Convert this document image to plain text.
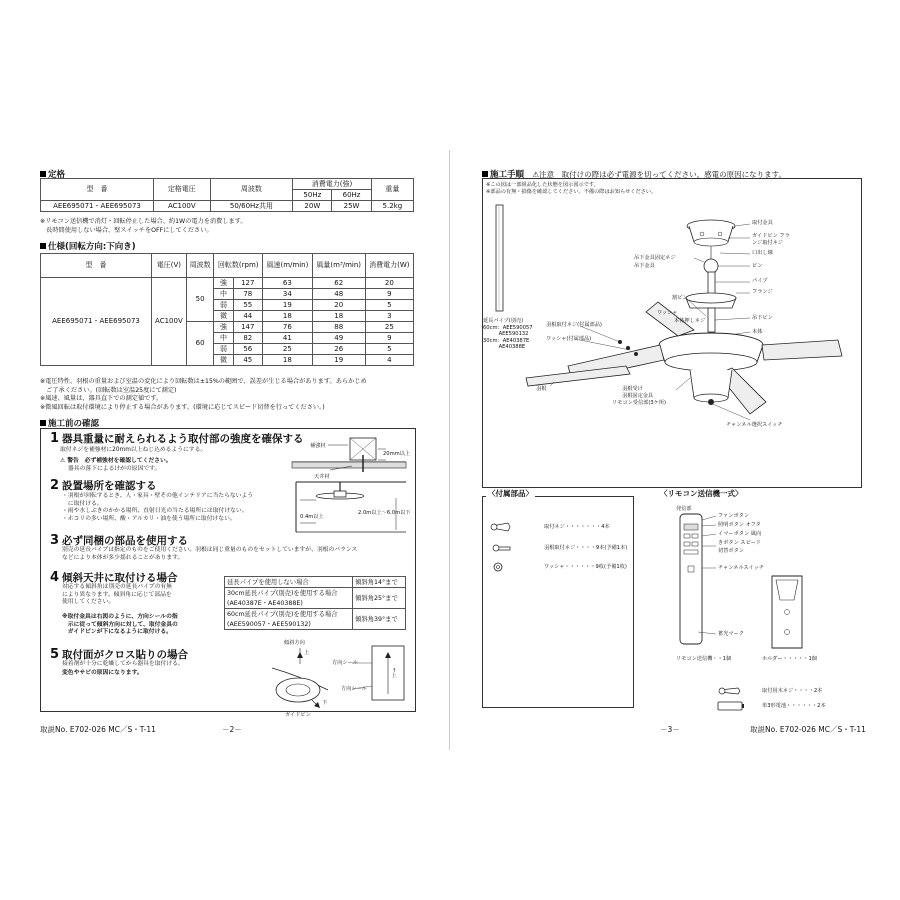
定格
型　番	定格電圧	周波数	消費電力(強)		重量
			50Hz	60Hz	
AEE695071・AEE695073	AC100V	50/60Hz共用	20W	25W	5.2kg
※リモコン送信機で消灯・回転停止した場合、約1Wの電力を消費します。
　長時間使用しない場合、壁スイッチをOFFにしてください。
仕様(回転方向:下向き)
型　番	電圧(V)	周波数	回転数(rpm)		風速(m/min)	風量(m³/min)	消費電力(W)
AEE695071・AEE695073	AC100V	50	強	127	63	62	20
			中	78	34	48	9
			弱	55	19	20	5
			微	44	18	18	3
		60	強	147	76	88	25
			中	82	41	49	9
			弱	56	25	26	5
			微	45	18	19	4
※電圧特性、羽根の重量および室温の変化により回転数は±15%の範囲で、誤差が生じる場合があります。あらかじめ
　ご了承ください。(回転数は室温25度にて測定)
※風速、風量は、器具直下での測定値です。
※微風回転は取付環境により停止する場合があります。(環境に応じてスピード切替を行ってください。)
施工前の確認
1 器具重量に耐えられるよう取付部の強度を確保する
取付ネジを補強材に20mm以上ねじ込めるようにする。
⚠ 警告　必ず補強材を確認してください。
器具の落下によるけがの原因です。
補強材
20mm以上
天井材
2 設置場所を確認する
・羽根が回転するとき、人・家具・壁その他インテリアに当たらないよう
　に取付ける。
・雨や水しぶきのかかる場所、直射日光の当たる場所には取付けない。
・ホコリの多い場所、酸・アルカリ・油を使う場所に取付けない。	0.4m以上
2.0m以上〜6.0m以下
3 必ず同梱の部品を使用する
別売の延長パイプは指定のものをご使用ください。羽根は同じ重量のものをセットしていますが、羽根のバランス
などにより本体が多少揺れることがあります。
4 傾斜天井に取付ける場合
対応する傾斜角は別売の延長パイプの有無
により異なります。傾斜角に応じて部品を
使用してください。
※取付金具は右図のように、方向シールの指
　示に従って傾斜方向に対して、取付金具の
　ガイドピンが下になるように取付ける。
延長パイプを使用しない場合	傾斜角14°まで
30cm延長パイプ(別売)を使用する場合	傾斜角25°まで
(AE40387E・AE40388E)	
60cm延長パイプ(別売)を使用する場合	傾斜角39°まで
(AEE590057・AEE590132)	
5 取付面がクロス貼りの場合
接着剤が十分に乾燥してから器具を取付ける。
変色やサビの原因になります。
傾斜方向
上
下
ガイドピン
方向シール
方向シール
←上
取説No. E702-026 MC／S・T-11	－2－
施工手順 ⚠注意　取付けの際は必ず電源を切ってください。感電の原因になります。
※この図は一部組品化した状態を図示図示です。
※部品の有無・損傷を確認してください。不備の際はお知らせください。
取付金具
ガイドピン フラ
ンジ取付ネジ
口出し線
吊下金具固定ネジ
吊下金具	ピン
パイプ
フランジ
割ピン
ワッシャ
本体押しネジ	吊下ピン
本体
延長パイプ(別売)
60cm：AEE590057
　　　AEE590132
30cm：AE40387E
　　　AE40388E
羽根取付ネジ(付属部品)
ワッシャ(付属部品)
羽根	羽根受け
羽根固定金具
リモコン受信部(3ケ所)
チャンネル選択スイッチ
〈付属部品〉
取付ネジ・・・・・・・4本
羽根取付ネジ・・・・9本(予備1本)
ワッシャ・・・・・・9枚(予備1枚)
〈リモコン送信機一式〉
発信部
ファンボタン
照明ボタン オフタ
イマーボタン 風向
きボタン スピード
切替ボタン
チャンネルスイッチ
蓄光マーク
リモコン送信機・・1個	ホルダー・・・・・1個
取付用木ネジ・・・・2本
単3形電池・・・・・・2本
－3－	取説No. E702-026 MC／S・T-11
